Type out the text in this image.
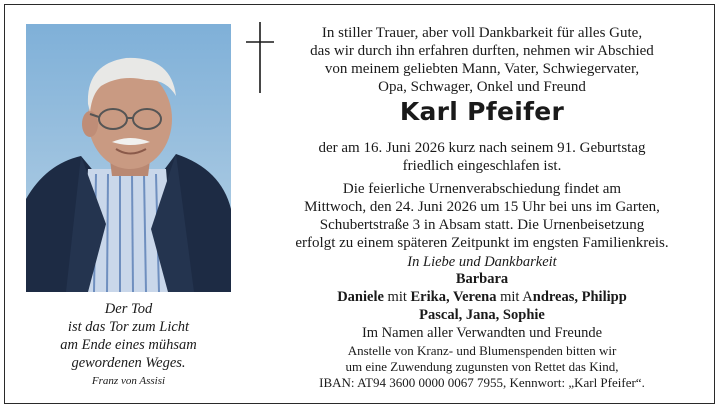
Der Tod
ist das Tor zum Licht
am Ende eines mühsam
gewordenen Weges.
Franz von Assisi
In stiller Trauer, aber voll Dankbarkeit für alles Gute,
das wir durch ihn erfahren durften, nehmen wir Abschied
von meinem geliebten Mann, Vater, Schwiegervater,
Opa, Schwager, Onkel und Freund
Karl Pfeifer
der am 16. Juni 2026 kurz nach seinem 91. Geburtstag
friedlich eingeschlafen ist.
Die feierliche Urnenverabschiedung findet am
Mittwoch, den 24. Juni 2026 um 15 Uhr bei uns im Garten,
Schubertstraße 3 in Absam statt. Die Urnenbeisetzung
erfolgt zu einem späteren Zeitpunkt im engsten Familienkreis.
In Liebe und Dankbarkeit
Barbara
Daniele mit Erika, Verena mit Andreas, Philipp
Pascal, Jana, Sophie
Im Namen aller Verwandten und Freunde
Anstelle von Kranz- und Blumenspenden bitten wir
um eine Zuwendung zugunsten von Rettet das Kind,
IBAN: AT94 3600 0000 0067 7955, Kennwort: „Karl Pfeifer“.
